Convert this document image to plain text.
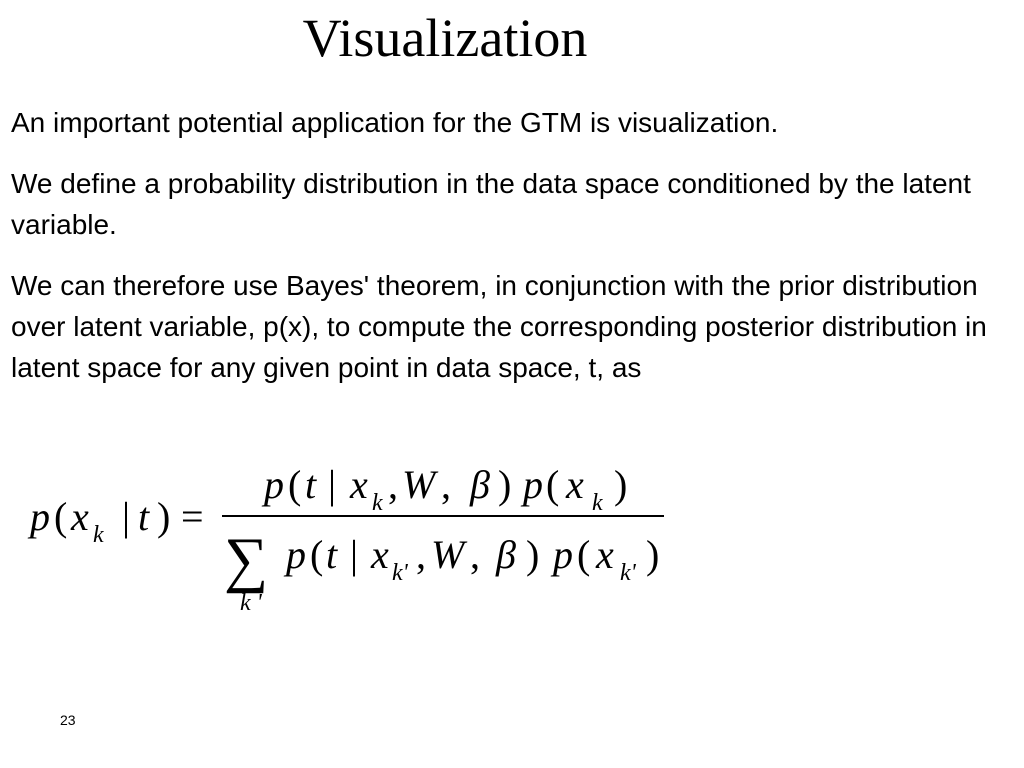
Visualization

An important potential application for the GTM is visualization.

We define a probability distribution in the data space conditioned by the latent variable.

We can therefore use Bayes' theorem, in conjunction with the prior distribution over latent variable, p(x), to compute the corresponding posterior distribution in latent space for any given point in data space, t, as

p ( x k | t ) =
p ( t | x k , W , β ) p ( x k )
∑
k '
p ( t | x k' , W , β ) p ( x k' )
23
